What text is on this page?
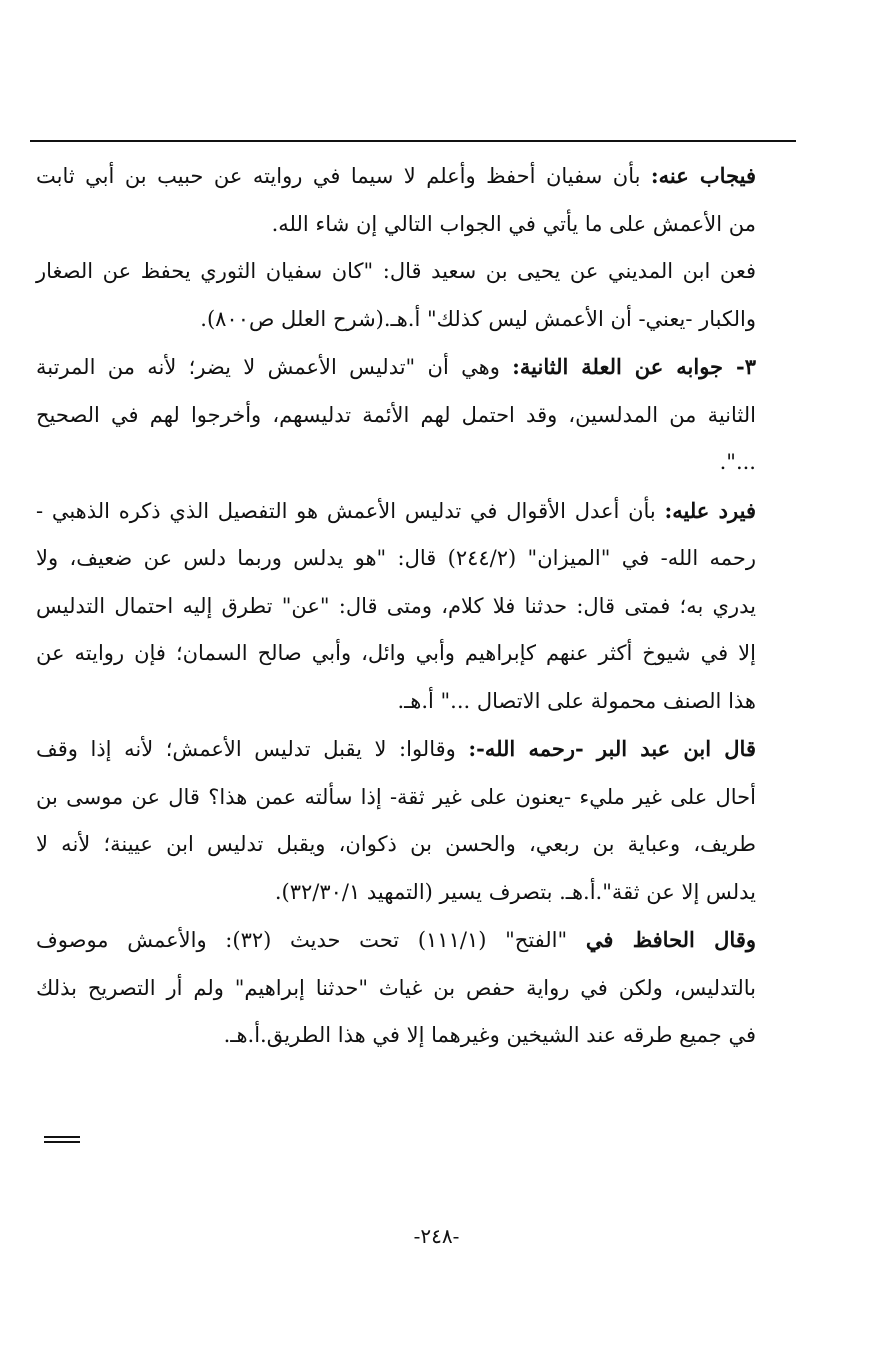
فيجاب عنه: بأن سفيان أحفظ وأعلم لا سيما في روايته عن حبيب بن أبي ثابت
من الأعمش على ما يأتي في الجواب التالي إن شاء الله.
فعن ابن المديني عن يحيى بن سعيد قال: "كان سفيان الثوري يحفظ عن الصغار
والكبار -يعني- أن الأعمش ليس كذلك" أ.هـ.(شرح العلل ص٨٠٠).
٣- جوابه عن العلة الثانية: وهي أن "تدليس الأعمش لا يضر؛ لأنه من المرتبة
الثانية من المدلسين، وقد احتمل لهم الأئمة تدليسهم، وأخرجوا لهم في الصحيح
...".
فيرد عليه: بأن أعدل الأقوال في تدليس الأعمش هو التفصيل الذي ذكره الذهبي -
رحمه الله- في "الميزان" (٢٤٤/٢) قال: "هو يدلس وربما دلس عن ضعيف، ولا
يدري به؛ فمتى قال: حدثنا فلا كلام، ومتى قال: "عن" تطرق إليه احتمال التدليس
إلا في شيوخ أكثر عنهم كإبراهيم وأبي وائل، وأبي صالح السمان؛ فإن روايته عن
هذا الصنف محمولة على الاتصال ..." أ.هـ.
قال ابن عبد البر -رحمه الله-: وقالوا: لا يقبل تدليس الأعمش؛ لأنه إذا وقف
أحال على غير مليء -يعنون على غير ثقة- إذا سألته عمن هذا؟ قال عن موسى بن
طريف، وعباية بن ربعي، والحسن بن ذكوان، ويقبل تدليس ابن عيينة؛ لأنه لا
يدلس إلا عن ثقة".أ.هـ. بتصرف يسير (التمهيد ٣٢/٣٠/١).
وقال الحافظ في "الفتح" (١١١/١) تحت حديث (٣٢): والأعمش موصوف
بالتدليس، ولكن في رواية حفص بن غياث "حدثنا إبراهيم" ولم أر التصريح بذلك
في جميع طرقه عند الشيخين وغيرهما إلا في هذا الطريق.أ.هـ.
-٢٤٨-
